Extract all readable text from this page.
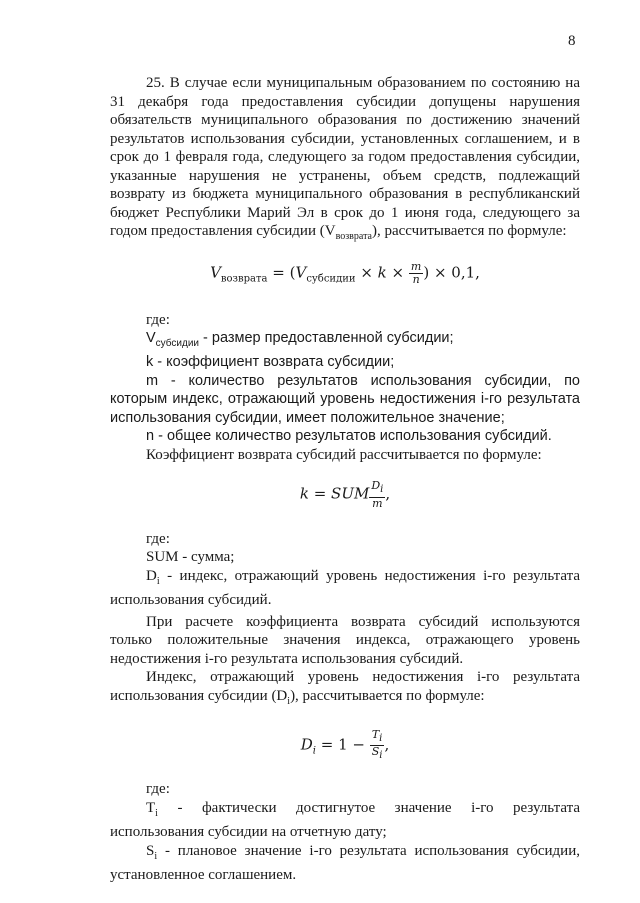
8

25. В случае если муниципальным образованием по состоянию на 31 декабря года предоставления субсидии допущены нарушения обязательств муниципального образования по достижению значений результатов использования субсидии, установленных соглашением, и в срок до 1 февраля года, следующего за годом предоставления субсидии, указанные нарушения не устранены, объем средств, подлежащий возврату из бюджета муниципального образования в республиканский бюджет Республики Марий Эл в срок до 1 июня года, следующего за годом предоставления субсидии $(V_{возврата})$, рассчитывается по формуле:

$V_{возврата} = (V_{субсидии} \times k \times \frac{m}{n}$ ) × 0,1,

где:

$V_{субсидии}$ - размер предоставленной субсидии;

k - коэффициент возврата субсидии;

m - количество результатов использования субсидии, по которым индекс, отражающий уровень недостижения i-го результата использования субсидии, имеет положительное значение;

n - общее количество результатов использования субсидий.

Коэффициент возврата субсидий рассчитывается по формуле:

k = SUM $\frac{D_i}{m}$ ,

где:

SUM - сумма;

$D_i$ - индекс, отражающий уровень недостижения i-го результата использования субсидий.

При расчете коэффициента возврата субсидий используются только положительные значения индекса, отражающего уровень недостижения i-го результата использования субсидий.

Индекс, отражающий уровень недостижения i-го результата использования субсидии $(D_i)$, рассчитывается по формуле:

$D_i = 1 - \frac{T_i}{S_i}$ ,

где:

$T_i$ - фактически достигнутое значение i-го результата использования субсидии на отчетную дату;

$S_i$ - плановое значение i-го результата использования субсидии, установленное соглашением.
